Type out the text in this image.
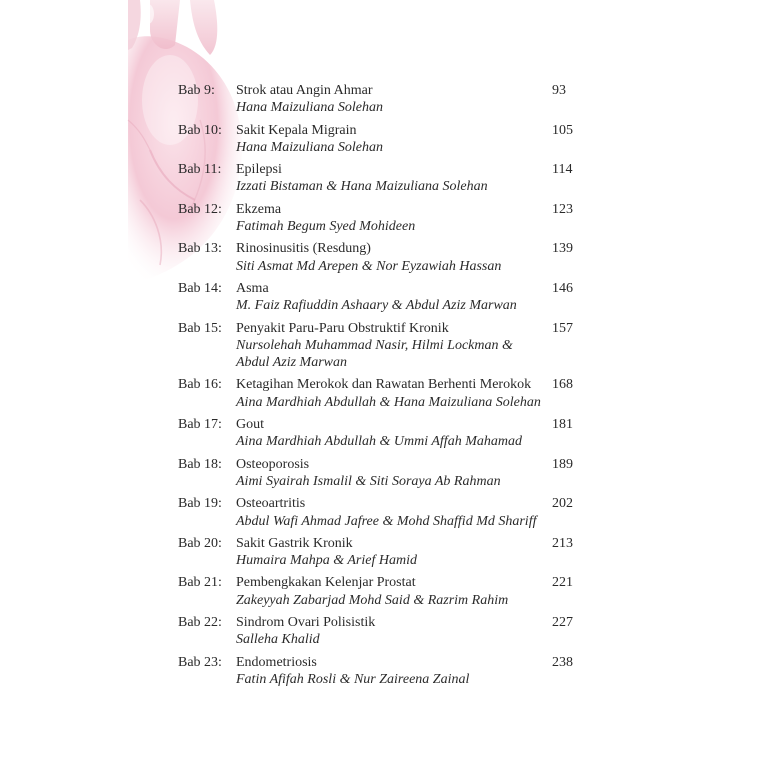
Bab 9: Strok atau Angin Ahmar
Hana Maizuliana Solehan
93
Bab 10: Sakit Kepala Migrain
Hana Maizuliana Solehan
105
Bab 11: Epilepsi
Izzati Bistaman & Hana Maizuliana Solehan
114
Bab 12: Ekzema
Fatimah Begum Syed Mohideen
123
Bab 13: Rinosinusitis (Resdung)
Siti Asmat Md Arepen & Nor Eyzawiah Hassan
139
Bab 14: Asma
M. Faiz Rafiuddin Ashaary & Abdul Aziz Marwan
146
Bab 15: Penyakit Paru-Paru Obstruktif Kronik
Nursolehah Muhammad Nasir, Hilmi Lockman &
Abdul Aziz Marwan
157
Bab 16: Ketagihan Merokok dan Rawatan Berhenti Merokok
Aina Mardhiah Abdullah & Hana Maizuliana Solehan
168
Bab 17: Gout
Aina Mardhiah Abdullah & Ummi Affah Mahamad
181
Bab 18: Osteoporosis
Aimi Syairah Ismalil & Siti Soraya Ab Rahman
189
Bab 19: Osteoartritis
Abdul Wafi Ahmad Jafree & Mohd Shaffid Md Shariff
202
Bab 20: Sakit Gastrik Kronik
Humaira Mahpa & Arief Hamid
213
Bab 21: Pembengkakan Kelenjar Prostat
Zakeyyah Zabarjad Mohd Said & Razrim Rahim
221
Bab 22: Sindrom Ovari Polisistik
Salleha Khalid
227
Bab 23: Endometriosis
Fatin Afifah Rosli & Nur Zaireena Zainal
238
